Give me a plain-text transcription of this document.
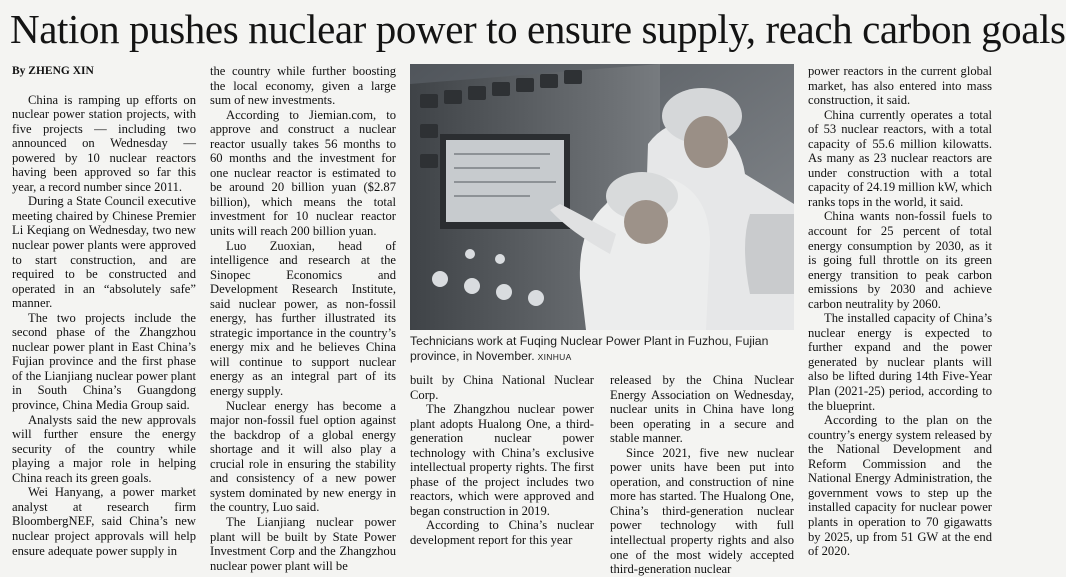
Nation pushes nuclear power to ensure supply, reach carbon goals
By ZHENG XIN

China is ramping up efforts on nuclear power station projects, with five projects — including two announced on Wednesday — powered by 10 nuclear reactors having been approved so far this year, a record number since 2011.

During a State Council executive meeting chaired by Chinese Premier Li Keqiang on Wednesday, two new nuclear power plants were approved to start construction, and are required to be constructed and operated in an “absolutely safe” manner.

The two projects include the second phase of the Zhangzhou nuclear power plant in East China’s Fujian province and the first phase of the Lianjiang nuclear power plant in South China’s Guangdong province, China Media Group said.

Analysts said the new approvals will further ensure the energy security of the country while playing a major role in helping China reach its green goals.

Wei Hanyang, a power market analyst at research firm BloombergNEF, said China’s new nuclear project approvals will help ensure adequate power supply in

the country while further boosting the local economy, given a large sum of new investments.

According to Jiemian.com, to approve and construct a nuclear reactor usually takes 56 months to 60 months and the investment for one nuclear reactor is estimated to be around 20 billion yuan ($2.87 billion), which means the total investment for 10 nuclear reactor units will reach 200 billion yuan.

Luo Zuoxian, head of intelligence and research at the Sinopec Economics and Development Research Institute, said nuclear power, as non-fossil energy, has further illustrated its strategic importance in the country’s energy mix and he believes China will continue to support nuclear energy as an integral part of its energy supply.

Nuclear energy has become a major non-fossil fuel option against the backdrop of a global energy shortage and it will also play a crucial role in ensuring the stability and consistency of a new power system dominated by new energy in the country, Luo said.

The Lianjiang nuclear power plant will be built by State Power Investment Corp and the Zhangzhou nuclear power plant will be

Technicians work at Fuqing Nuclear Power Plant in Fuzhou, Fujian province, in November. XINHUA

built by China National Nuclear Corp.

The Zhangzhou nuclear power plant adopts Hualong One, a third-generation nuclear power technology with China’s exclusive intellectual property rights. The first phase of the project includes two reactors, which were approved and began construction in 2019.

According to China’s nuclear development report for this year

released by the China Nuclear Energy Association on Wednesday, nuclear units in China have long been operating in a secure and stable manner.

Since 2021, five new nuclear power units have been put into operation, and construction of nine more has started. The Hualong One, China’s third-generation nuclear power technology with full intellectual property rights and also one of the most widely accepted third-generation nuclear

power reactors in the current global market, has also entered into mass construction, it said.

China currently operates a total of 53 nuclear reactors, with a total capacity of 55.6 million kilowatts. As many as 23 nuclear reactors are under construction with a total capacity of 24.19 million kW, which ranks tops in the world, it said.

China wants non-fossil fuels to account for 25 percent of total energy consumption by 2030, as it is going full throttle on its green energy transition to peak carbon emissions by 2030 and achieve carbon neutrality by 2060.

The installed capacity of China’s nuclear energy is expected to further expand and the power generated by nuclear plants will also be lifted during 14th Five-Year Plan (2021-25) period, according to the blueprint.

According to the plan on the country’s energy system released by the National Development and Reform Commission and the National Energy Administration, the government vows to step up the installed capacity for nuclear power plants in operation to 70 gigawatts by 2025, up from 51 GW at the end of 2020.
